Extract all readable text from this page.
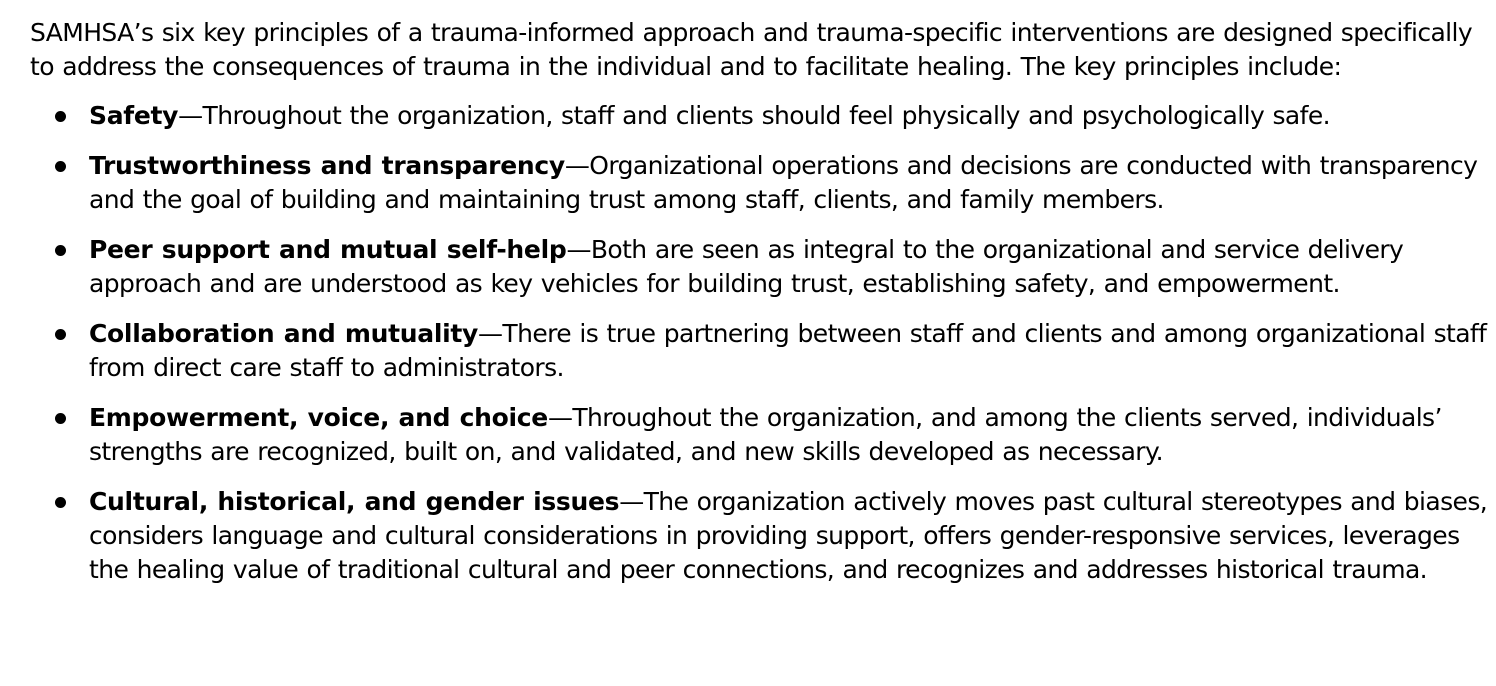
SAMHSA’s six key principles of a trauma-informed approach and trauma-specific interventions are designed specifically to address the consequences of trauma in the individual and to facilitate healing. The key principles include:

Safety—Throughout the organization, staff and clients should feel physically and psychologically safe.
Trustworthiness and transparency—Organizational operations and decisions are conducted with transparency and the goal of building and maintaining trust among staff, clients, and family members.
Peer support and mutual self-help—Both are seen as integral to the organizational and service delivery approach and are understood as key vehicles for building trust, establishing safety, and empowerment.
Collaboration and mutuality—There is true partnering between staff and clients and among organizational staff from direct care staff to administrators.
Empowerment, voice, and choice—Throughout the organization, and among the clients served, individuals’ strengths are recognized, built on, and validated, and new skills developed as necessary.
Cultural, historical, and gender issues—The organization actively moves past cultural stereotypes and biases, considers language and cultural considerations in providing support, offers gender-responsive services, leverages the healing value of traditional cultural and peer connections, and recognizes and addresses historical trauma.
